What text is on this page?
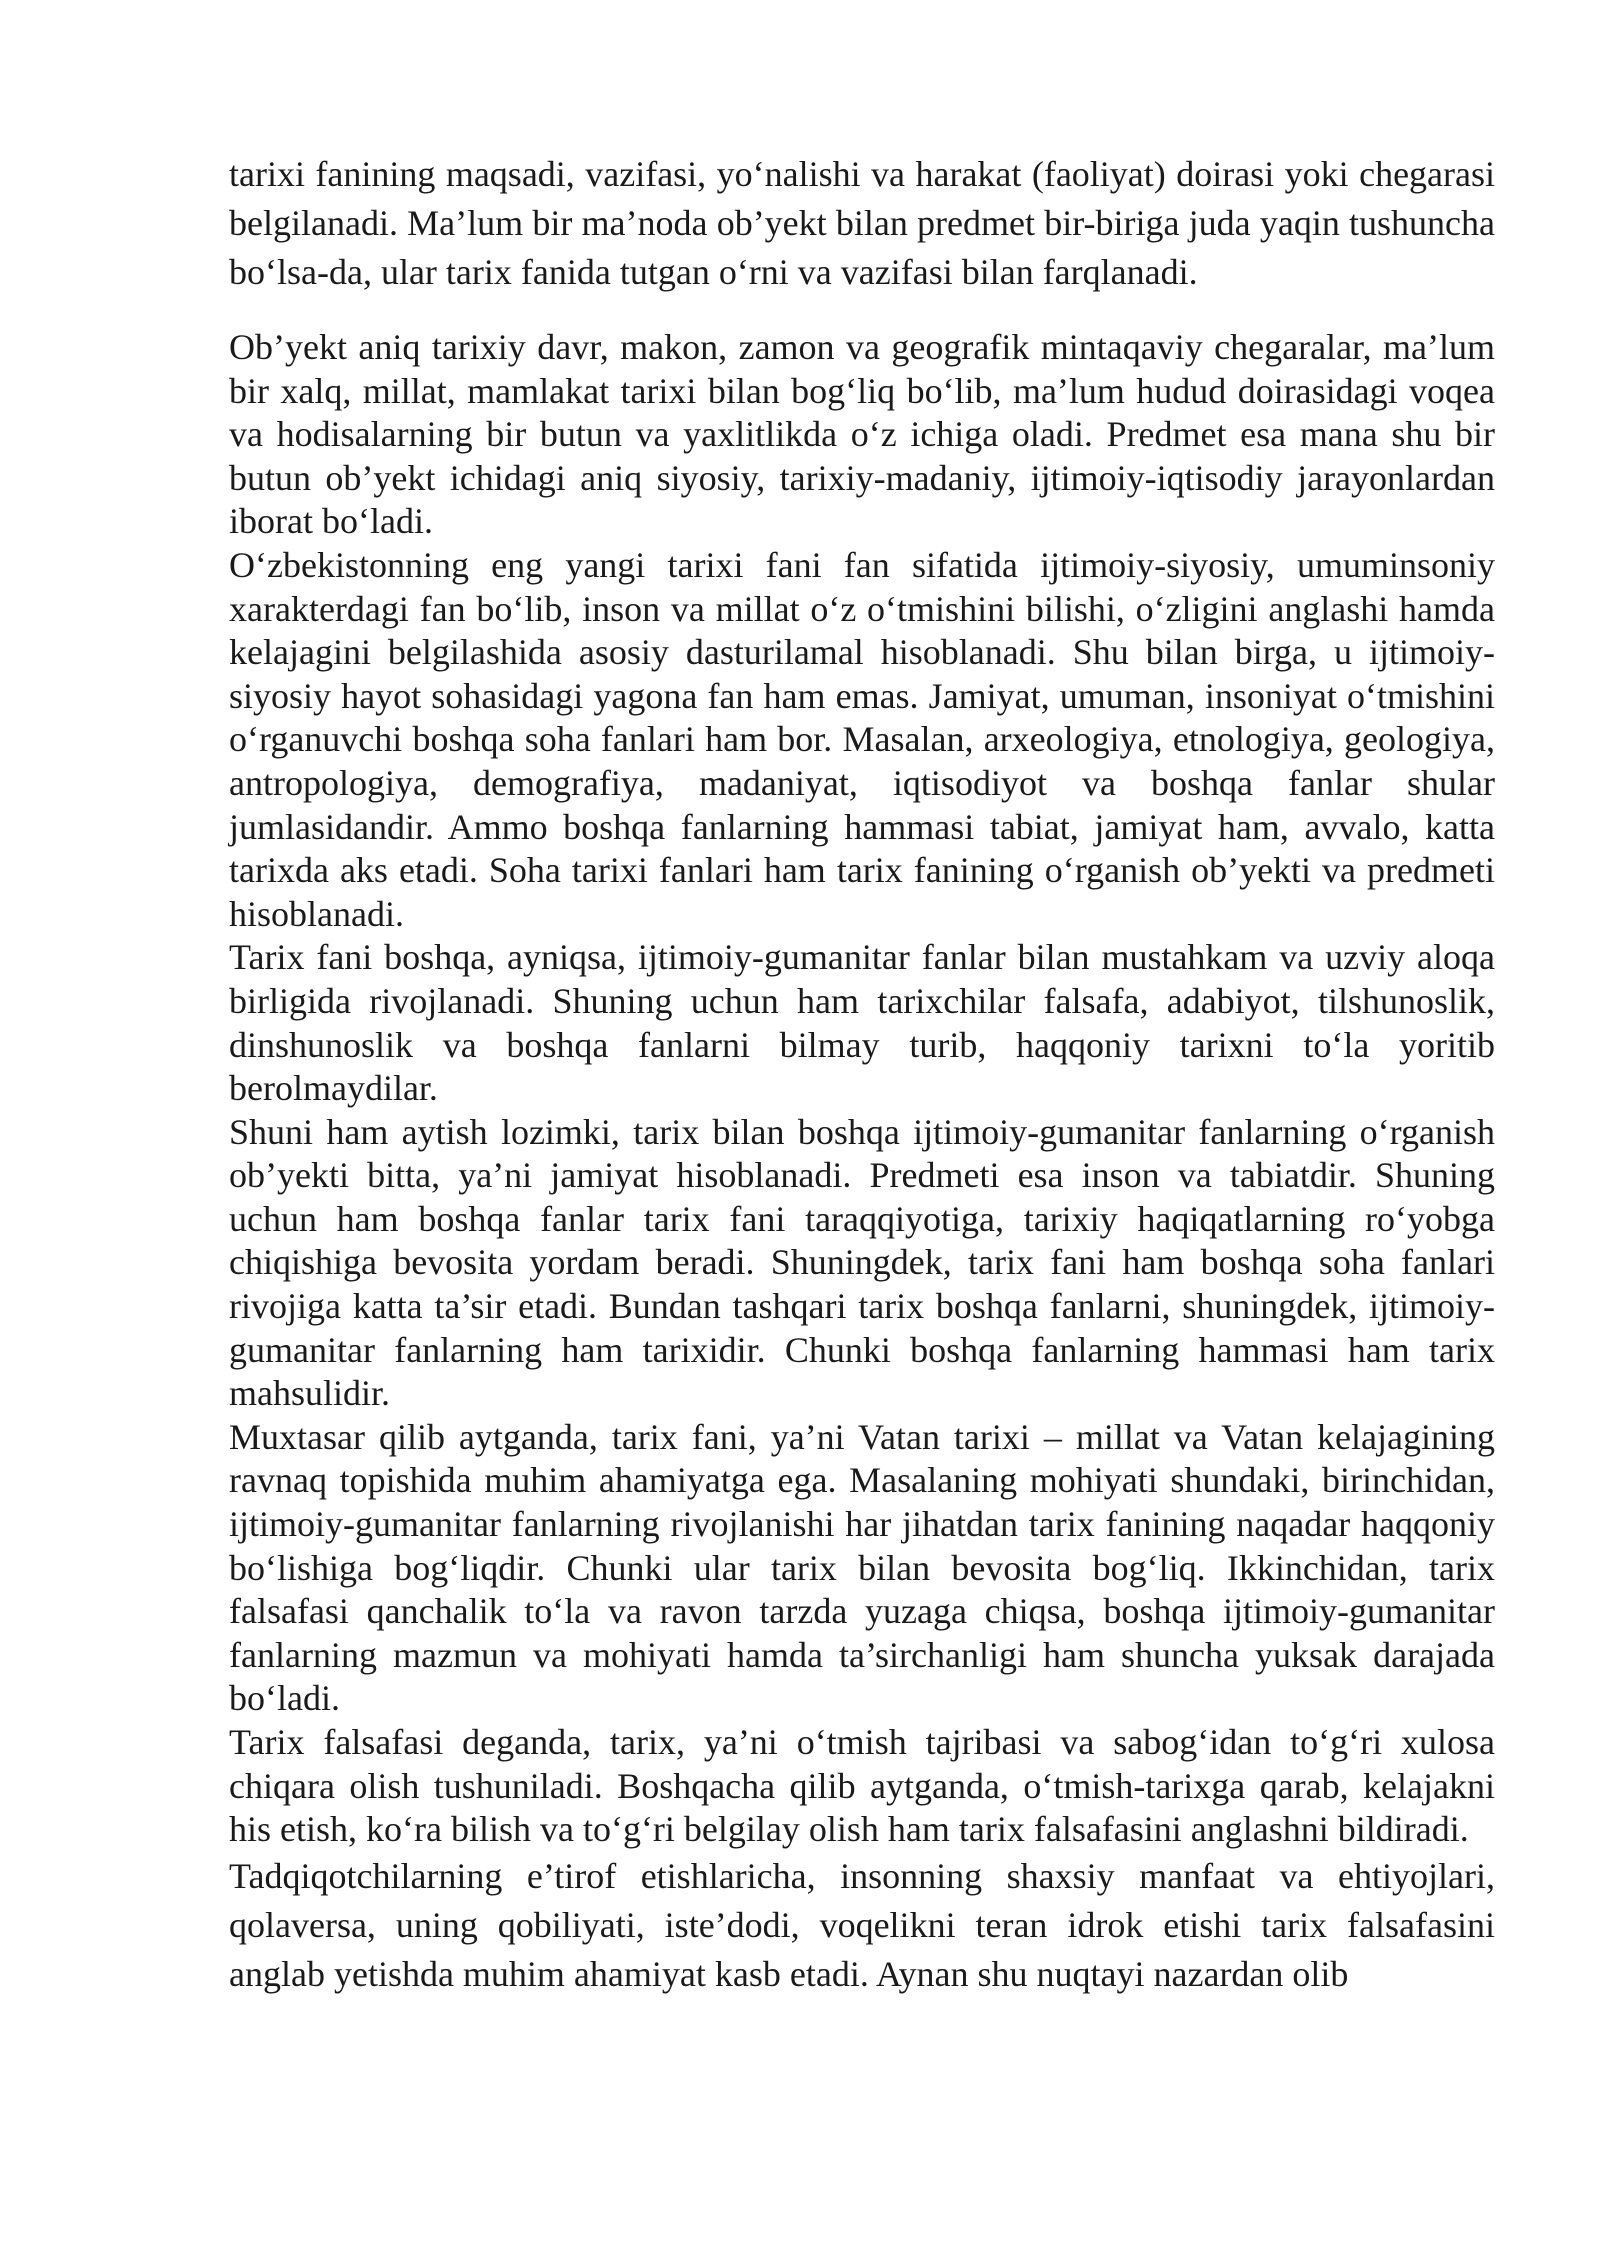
tarixi fanining maqsadi, vazifasi, yo‘nalishi va harakat (faoliyat) doirasi yoki chegarasi belgilanadi. Ma’lum bir ma’noda ob’yekt bilan predmet bir-biriga juda yaqin tushuncha bo‘lsa-da, ular tarix fanida tutgan o‘rni va vazifasi bilan farqlanadi.

Ob’yekt aniq tarixiy davr, makon, zamon va geografik mintaqaviy chegaralar, ma’lum bir xalq, millat, mamlakat tarixi bilan bog‘liq bo‘lib, ma’lum hudud doirasidagi voqea va hodisalarning bir butun va yaxlitlikda o‘z ichiga oladi. Predmet esa mana shu bir butun ob’yekt ichidagi aniq siyosiy, tarixiy-madaniy, ijtimoiy-iqtisodiy jarayonlardan iborat bo‘ladi.

O‘zbekistonning eng yangi tarixi fani fan sifatida ijtimoiy-siyosiy, umuminsoniy xarakterdagi fan bo‘lib, inson va millat o‘z o‘tmishini bilishi, o‘zligini anglashi hamda kelajagini belgilashida asosiy dasturilamal hisoblanadi. Shu bilan birga, u ijtimoiy-siyosiy hayot sohasidagi yagona fan ham emas. Jamiyat, umuman, insoniyat o‘tmishini o‘rganuvchi boshqa soha fanlari ham bor. Masalan, arxeologiya, etnologiya, geologiya, antropologiya, demografiya, madaniyat, iqtisodiyot va boshqa fanlar shular jumlasidandir. Ammo boshqa fanlarning hammasi tabiat, jamiyat ham, avvalo, katta tarixda aks etadi. Soha tarixi fanlari ham tarix fanining o‘rganish ob’yekti va predmeti hisoblanadi.

Tarix fani boshqa, ayniqsa, ijtimoiy-gumanitar fanlar bilan mustahkam va uzviy aloqa birligida rivojlanadi. Shuning uchun ham tarixchilar falsafa, adabiyot, tilshunoslik, dinshunoslik va boshqa fanlarni bilmay turib, haqqoniy tarixni to‘la yoritib berolmaydilar.

Shuni ham aytish lozimki, tarix bilan boshqa ijtimoiy-gumanitar fanlarning o‘rganish ob’yekti bitta, ya’ni jamiyat hisoblanadi. Predmeti esa inson va tabiatdir. Shuning uchun ham boshqa fanlar tarix fani taraqqiyotiga, tarixiy haqiqatlarning ro‘yobga chiqishiga bevosita yordam beradi. Shuningdek, tarix fani ham boshqa soha fanlari rivojiga katta ta’sir etadi. Bundan tashqari tarix boshqa fanlarni, shuningdek, ijtimoiy-gumanitar fanlarning ham tarixidir. Chunki boshqa fanlarning hammasi ham tarix mahsulidir.

Muxtasar qilib aytganda, tarix fani, ya’ni Vatan tarixi – millat va Vatan kelajagining ravnaq topishida muhim ahamiyatga ega. Masalaning mohiyati shundaki, birinchidan, ijtimoiy-gumanitar fanlarning rivojlanishi har jihatdan tarix fanining naqadar haqqoniy bo‘lishiga bog‘liqdir. Chunki ular tarix bilan bevosita bog‘liq. Ikkinchidan, tarix falsafasi qanchalik to‘la va ravon tarzda yuzaga chiqsa, boshqa ijtimoiy-gumanitar fanlarning mazmun va mohiyati hamda ta’sirchanligi ham shuncha yuksak darajada bo‘ladi.

Tarix falsafasi deganda, tarix, ya’ni o‘tmish tajribasi va sabog‘idan to‘g‘ri xulosa chiqara olish tushuniladi. Boshqacha qilib aytganda, o‘tmish-tarixga qarab, kelajakni his etish, ko‘ra bilish va to‘g‘ri belgilay olish ham tarix falsafasini anglashni bildiradi.

Tadqiqotchilarning e’tirof etishlaricha, insonning shaxsiy manfaat va ehtiyojlari, qolaversa, uning qobiliyati, iste’dodi, voqelikni teran idrok etishi tarix falsafasini anglab yetishda muhim ahamiyat kasb etadi. Aynan shu nuqtayi nazardan olib
